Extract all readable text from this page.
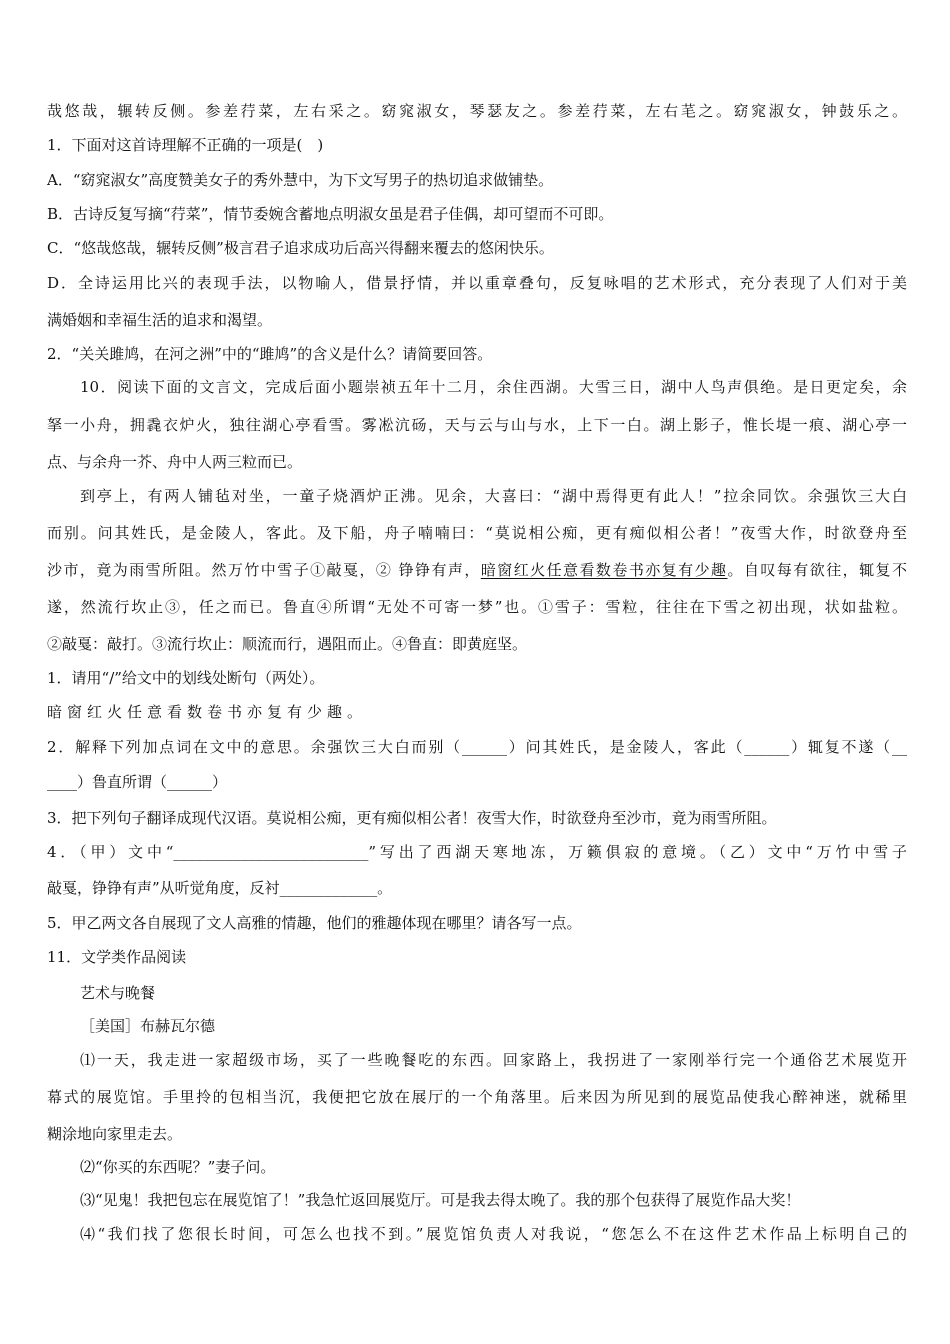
哉悠哉，辗转反侧。参差荇菜，左右采之。窈窕淑女，琴瑟友之。参差荇菜，左右芼之。窈窕淑女，钟鼓乐之。
1．下面对这首诗理解不正确的一项是(　)
A．“窈窕淑女”高度赞美女子的秀外慧中，为下文写男子的热切追求做铺垫。
B．古诗反复写摘“荇菜”，情节委婉含蓄地点明淑女虽是君子佳偶，却可望而不可即。
C．“悠哉悠哉，辗转反侧”极言君子追求成功后高兴得翻来覆去的悠闲快乐。
D．全诗运用比兴的表现手法，以物喻人，借景抒情，并以重章叠句，反复咏唱的艺术形式，充分表现了人们对于美
满婚姻和幸福生活的追求和渴望。
2．“关关雎鸠，在河之洲”中的“雎鸠”的含义是什么？请简要回答。
10．阅读下面的文言文，完成后面小题崇祯五年十二月，余住西湖。大雪三日，湖中人鸟声俱绝。是日更定矣，余
拏一小舟，拥毳衣炉火，独往湖心亭看雪。雾凇沆砀，天与云与山与水，上下一白。湖上影子，惟长堤一痕、湖心亭一
点、与余舟一芥、舟中人两三粒而已。
到亭上，有两人铺毡对坐，一童子烧酒炉正沸。见余，大喜曰：“湖中焉得更有此人！”拉余同饮。余强饮三大白
而别。问其姓氏，是金陵人，客此。及下船，舟子喃喃曰：“莫说相公痴，更有痴似相公者！”夜雪大作，时欲登舟至
沙市，竟为雨雪所阻。然万竹中雪子①敲戛，② 铮铮有声，暗窗红火任意看数卷书亦复有少趣。自叹每有欲往，辄复不
遂，然流行坎止③，任之而已。鲁直④所谓“无处不可寄一梦”也。①雪子：雪粒，往往在下雪之初出现，状如盐粒。
②敲戛：敲打。③流行坎止：顺流而行，遇阻而止。④鲁直：即黄庭坚。
1．请用“/”给文中的划线处断句（两处）。
暗窗红火任意看数卷书亦复有少趣。
2．解释下列加点词在文中的意思。余强饮三大白而别（______）问其姓氏，是金陵人，客此（______）辄复不遂（__
____）鲁直所谓（______）
3．把下列句子翻译成现代汉语。莫说相公痴，更有痴似相公者！夜雪大作，时欲登舟至沙市，竟为雨雪所阻。
4．（甲）文中“__________________________”写出了西湖天寒地冻，万籁俱寂的意境。（乙）文中“万竹中雪子
敲戛，铮铮有声”从听觉角度，反衬_____________。
5．甲乙两文各自展现了文人高雅的情趣，他们的雅趣体现在哪里？请各写一点。
11．文学类作品阅读
艺术与晚餐
［美国］布赫瓦尔德
⑴一天，我走进一家超级市场，买了一些晚餐吃的东西。回家路上，我拐进了一家刚举行完一个通俗艺术展览开
幕式的展览馆。手里拎的包相当沉，我便把它放在展厅的一个角落里。后来因为所见到的展览品使我心醉神迷，就稀里
糊涂地向家里走去。
⑵“你买的东西呢？”妻子问。
⑶“见鬼！我把包忘在展览馆了！”我急忙返回展览厅。可是我去得太晚了。我的那个包获得了展览作品大奖！
⑷“我们找了您很长时间，可怎么也找不到。”展览馆负责人对我说，“您怎么不在这件艺术作品上标明自己的
